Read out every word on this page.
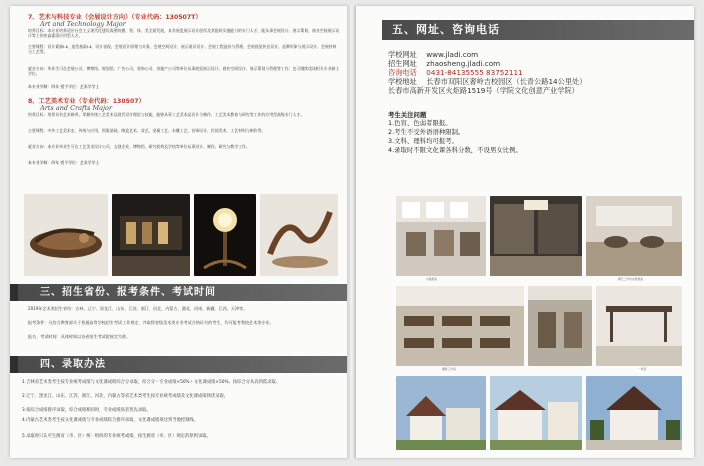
7、艺术与科技专业（会展设计方向）（专业代码：130507T）
Art and Technology Major
培养目标：本专业培养适应社会主义现代化建设需要的德、智、体、美全面发展，具有展览展示设计创作及其组织实施能力的专门人才，能从事会展设计、展示策划、商业空间展示设计等工作的高素质应用型人才。
主要课程：设计素描Ⅰ-Ⅱ、造型基础Ⅰ-Ⅱ、设计表现、会展设计原理与实务、会展空间设计、展示道具设计、会展工程造价与管理、会展视觉传达设计、品牌形象与展示设计、会展材料与工艺等。
就业方向：毕业生可在会展公司、博物馆、规划馆、广告公司、装饰公司、房地产公司等单位从事展览展示设计、商业空间设计、展示策划与管理等工作；也可继续攻读相关专业硕士学位。
本专业学制：四年 授予学位：艺术学学士
8、工艺美术专业（专业代码：130507）
Arts and Crafts Major
培养目标：培养具有艺术修养、掌握传统工艺美术及现代设计理论与技能，能够从事工艺美术品设计与制作、工艺美术教育与研究等工作的应用型高级专门人才。
主要课程：中外工艺美术史、传统与应用、图案基础、陶瓷艺术、漆艺、金属工艺、木雕工艺、首饰设计、民间美术、工艺材料与制作等。
就业方向：本专业毕业生可在工艺美术设计公司、文创企业、博物馆、研究机构及学校等单位从事设计、制作、研究与教学工作。
本专业学制：四年 授予学位：艺术学学士
三、招生省份、报考条件、考试时间
2019年艺术类招生省份：吉林、辽宁、黑龙江、山东、江苏、浙江、河北、内蒙古、湖北、河南、新疆、江西、天津等。
报考条件：凡符合教育部关于普通高等学校招生考试工作规定，并取得省级美术类专业考试合格证书的考生，均可报考我校艺术类专业。
报名、考试时间：具体时间以各省招生考试院规定为准。
四、录取办法
1.吉林省艺术类考生按专业统考成绩与文化课成绩综合分录取，综合分＝专业成绩×50%＋文化课成绩×50%，按综合分从高到低录取。
2.辽宁、黑龙江、山东、江苏、浙江、河北、内蒙古等省艺术类考生按专业统考成绩及文化课成绩择优录取。
3.按综合成绩排序录取，综合成绩相同时，专业成绩高者优先录取。
4.内蒙古艺术类考生按文化课成绩与专业成绩综合排序录取，文化课成绩须达到当地控制线。
5.录取时只认可生源省（市、区）统一组织的专业统考成绩，按生源省（市、区）规定的原则录取。
五、网址、咨询电话
学校网址 www.jladi.com
招生网址 zhaosheng.jladi.com
咨询电话 0431-84135555 83752111
学校地址 长春市双阳区奢岭吉校园区（长青公路14公里处）
长春市高新开发区火炬路1519号（学院文化创意产业学院）
考生关注问题
1.色盲、色弱者限报。
2.考生不受外语语种限制。
3.文科、理科均可报考。
4.录取时不限文化课各科分数，不设男女比例。
书画教室	陶艺工作坊实践教室
摄影工作室	一角落
